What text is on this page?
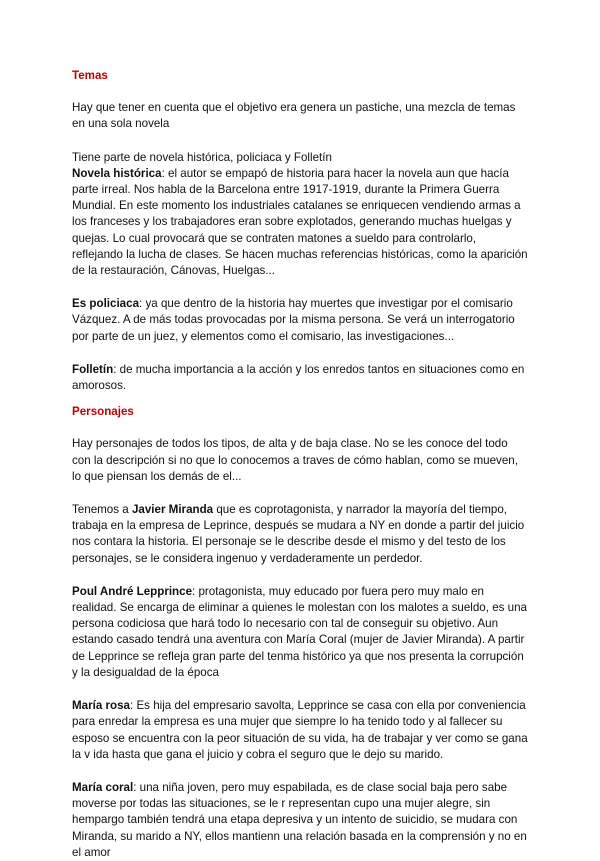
Temas

Hay que tener en cuenta que el objetivo era genera un pastiche, una mezcla de temas en una sola novela

Tiene parte de novela histórica, policiaca y Folletín

Novela histórica: el autor se empapó de historia para hacer la novela aun que hacía parte irreal. Nos habla de la Barcelona entre 1917-1919, durante la Primera Guerra Mundial. En este momento los industriales catalanes se enriquecen vendiendo armas a los franceses y los trabajadores eran sobre explotados, generando muchas huelgas y quejas. Lo cual provocará que se contraten matones a sueldo para controlarlo, reflejando la lucha de clases. Se hacen muchas referencias históricas, como la aparición de la restauración, Cánovas, Huelgas...

Es policiaca: ya que dentro de la historia hay muertes que investigar por el comisario Vázquez. A de más todas provocadas por la misma persona. Se verá un interrogatorio por parte de un juez, y elementos como el comisario, las investigaciones...

Folletín: de mucha importancia a la acción y los enredos tantos en situaciones como en amorosos.

Personajes

Hay personajes de todos los tipos, de alta y de baja clase. No se les conoce del todo con la descripción si no que lo conocemos a traves de cómo hablan, como se mueven, lo que piensan los demás de el...

Tenemos a Javier Miranda que es coprotagonista, y narrador la mayoría del tiempo, trabaja en la empresa de Leprince, después se mudara a NY en donde a partir del juicio nos contara la historia. El personaje se le describe desde el mismo y del testo de los personajes, se le considera ingenuo y verdaderamente un perdedor.

Poul André Lepprince: protagonista, muy educado por fuera pero muy malo en realidad. Se encarga de eliminar a quienes le molestan con los malotes a sueldo, es una persona codiciosa que hará todo lo necesario con tal de conseguir su objetivo. Aun estando casado tendrá una aventura con María Coral (mujer de Javier Miranda). A partir de Lepprince se refleja gran parte del tenma histórico ya que nos presenta la corrupción y la desigualdad de la época

María rosa: Es hija del empresario savolta, Lepprince se casa con ella por conveniencia para enredar la empresa es una mujer que siempre lo ha tenido todo y al fallecer su esposo se encuentra con la peor situación de su vida, ha de trabajar y ver como se gana la v ida hasta que gana el juicio y cobra el seguro que le dejo su marido.

María coral: una niña joven, pero muy espabilada, es de clase social baja pero sabe moverse por todas las situaciones, se le r representan cupo una mujer alegre, sin hempargo también tendrá una etapa depresiva y un intento de suicidio, se mudara con Miranda, su marido a NY, ellos mantienn una relación basada en la comprensión y no en el amor
